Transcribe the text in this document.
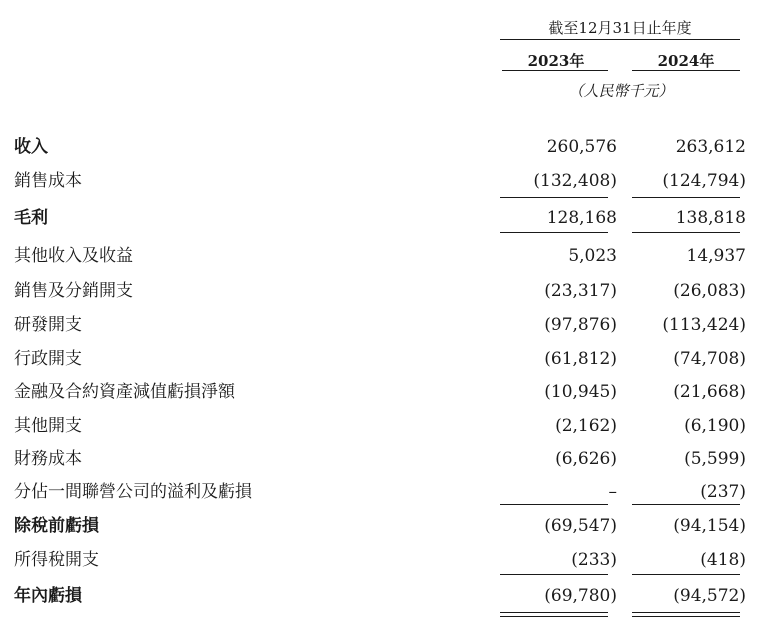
截至12月31日止年度
2023年	2024年
（人民幣千元）
收入 . . .	260,576	263,612
銷售成本 . . .	(132,408)	(124,794)
毛利 . . .	128,168	138,818
其他收入及收益 . . .	5,023	14,937
銷售及分銷開支 . . .	(23,317)	(26,083)
研發開支 . . .	(97,876)	(113,424)
行政開支 . . .	(61,812)	(74,708)
金融及合約資產減值虧損淨額 . . .	(10,945)	(21,668)
其他開支 . . .	(2,162)	(6,190)
財務成本 . . .	(6,626)	(5,599)
分佔一間聯營公司的溢利及虧損 . . .	–	(237)
除稅前虧損 . . .	(69,547)	(94,154)
所得稅開支 . . .	(233)	(418)
年內虧損 . . .	(69,780)	(94,572)
